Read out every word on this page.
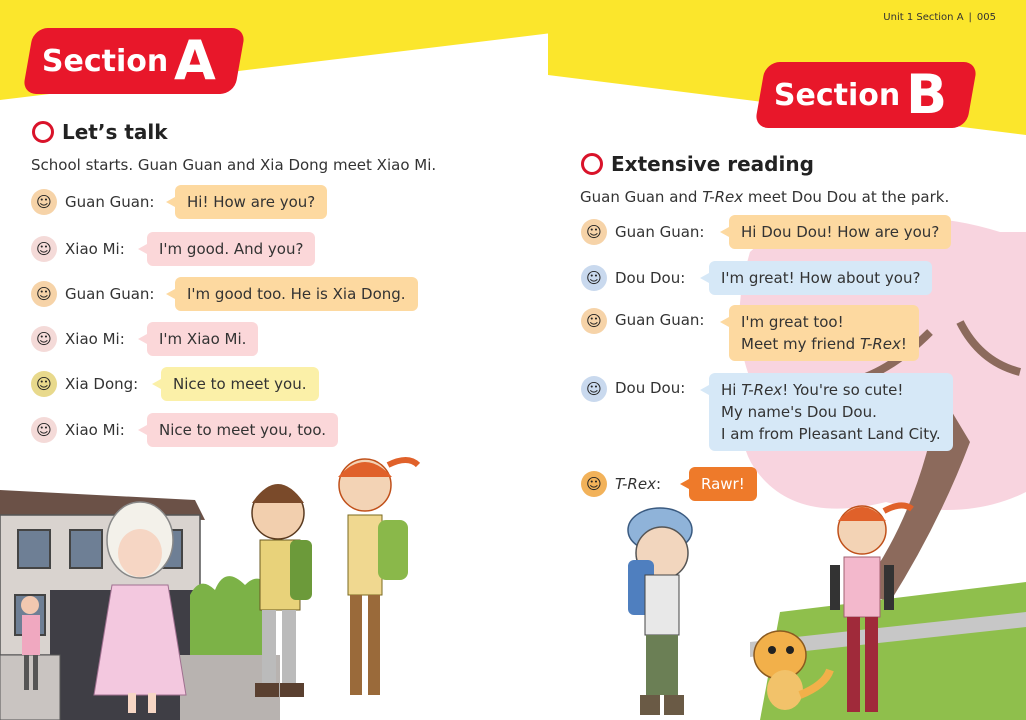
Unit 1 Section A | 005
Section A
Let’s talk
School starts. Guan Guan and Xia Dong meet Xiao Mi.
☺ Guan Guan:	Hi! How are you?
☺ Xiao Mi:	I'm good. And you?
☺ Guan Guan:	I'm good too. He is Xia Dong.
☺ Xiao Mi:	I'm Xiao Mi.
☺ Xia Dong:	Nice to meet you.
☺ Xiao Mi:	Nice to meet you, too.
Section B
Extensive reading
Guan Guan and T-Rex meet Dou Dou at the park.
☺ Guan Guan:	Hi Dou Dou! How are you?
☺ Dou Dou:	I'm great! How about you?
☺ Guan Guan:	I'm great too!
Meet my friend T-Rex!
☺ Dou Dou:	Hi T-Rex! You're so cute!
My name's Dou Dou.
I am from Pleasant Land City.
☺ T-Rex:	Rawr!
